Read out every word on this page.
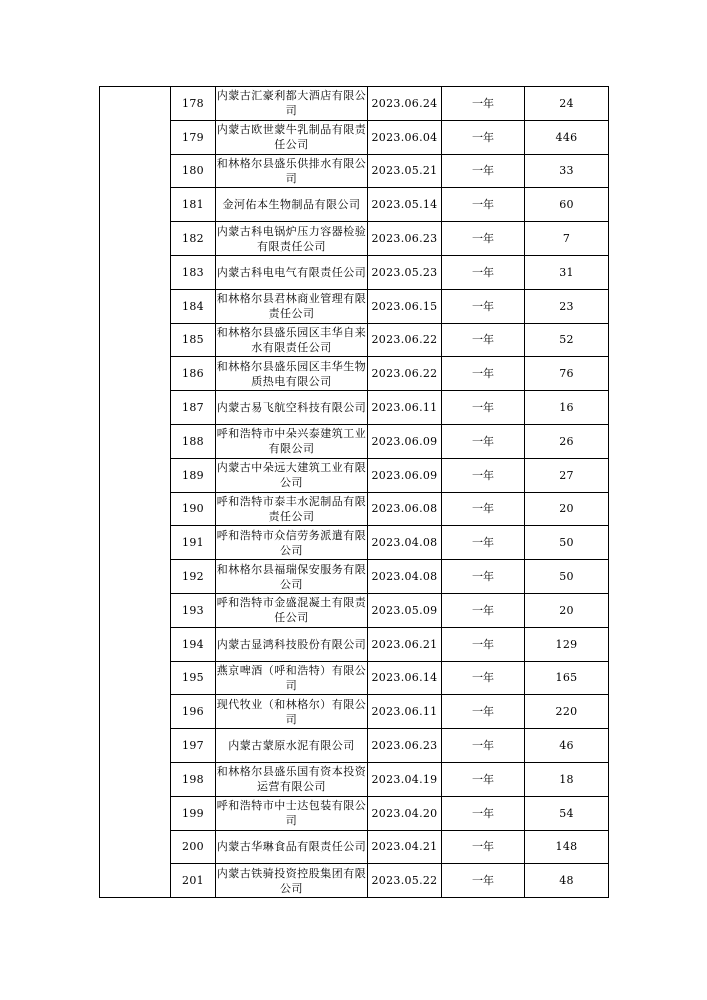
	178	内蒙古汇豪利都大酒店有限公司	2023.06.24	一年	24
	179	内蒙古欧世蒙牛乳制品有限责任公司	2023.06.04	一年	446
	180	和林格尔县盛乐供排水有限公司	2023.05.21	一年	33
	181	金河佑本生物制品有限公司	2023.05.14	一年	60
	182	内蒙古科电锅炉压力容器检验有限责任公司	2023.06.23	一年	7
	183	内蒙古科电电气有限责任公司	2023.05.23	一年	31
	184	和林格尔县君林商业管理有限责任公司	2023.06.15	一年	23
	185	和林格尔县盛乐园区丰华自来水有限责任公司	2023.06.22	一年	52
	186	和林格尔县盛乐园区丰华生物质热电有限公司	2023.06.22	一年	76
	187	内蒙古易飞航空科技有限公司	2023.06.11	一年	16
	188	呼和浩特市中朵兴泰建筑工业有限公司	2023.06.09	一年	26
	189	内蒙古中朵远大建筑工业有限公司	2023.06.09	一年	27
	190	呼和浩特市泰丰水泥制品有限责任公司	2023.06.08	一年	20
	191	呼和浩特市众信劳务派遣有限公司	2023.04.08	一年	50
	192	和林格尔县福瑞保安服务有限公司	2023.04.08	一年	50
	193	呼和浩特市金盛混凝土有限责任公司	2023.05.09	一年	20
	194	内蒙古显鸿科技股份有限公司	2023.06.21	一年	129
	195	燕京啤酒（呼和浩特）有限公司	2023.06.14	一年	165
	196	现代牧业（和林格尔）有限公司	2023.06.11	一年	220
	197	内蒙古蒙原水泥有限公司	2023.06.23	一年	46
	198	和林格尔县盛乐国有资本投资运营有限公司	2023.04.19	一年	18
	199	呼和浩特市中士达包装有限公司	2023.04.20	一年	54
	200	内蒙古华琳食品有限责任公司	2023.04.21	一年	148
	201	内蒙古铁骑投资控股集团有限公司	2023.05.22	一年	48
